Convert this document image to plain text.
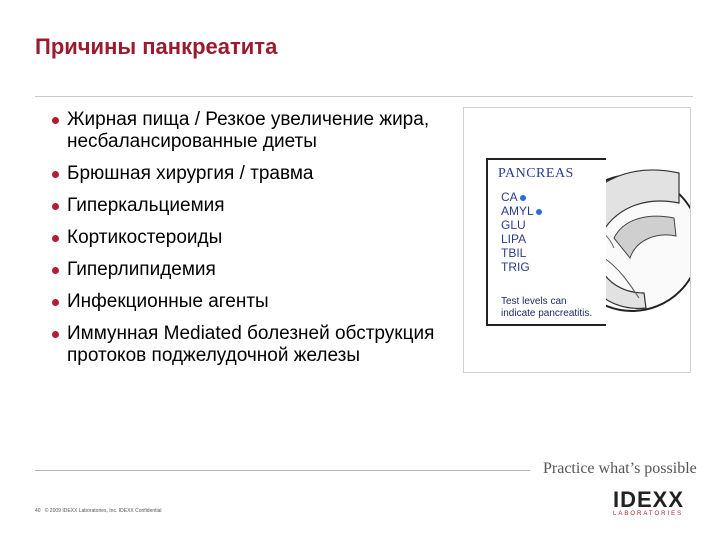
Причины панкреатита
Жирная пища / Резкое увеличение жира, несбалансированные диеты
Брюшная хирургия / травма
Гиперкальциемия
Кортикостероиды
Гиперлипидемия
Инфекционные агенты
Иммунная Mediated болезней обструкция протоков поджелудочной железы
PANCREAS
CA
AMYL
GLU
LIPA
TBIL
TRIG
Test levels can indicate pancreatitis.
Practice what’s possible
40 © 2009 IDEXX Laboratories, Inc. IDEXX Confidential	IDEXX
LABORATORIES
